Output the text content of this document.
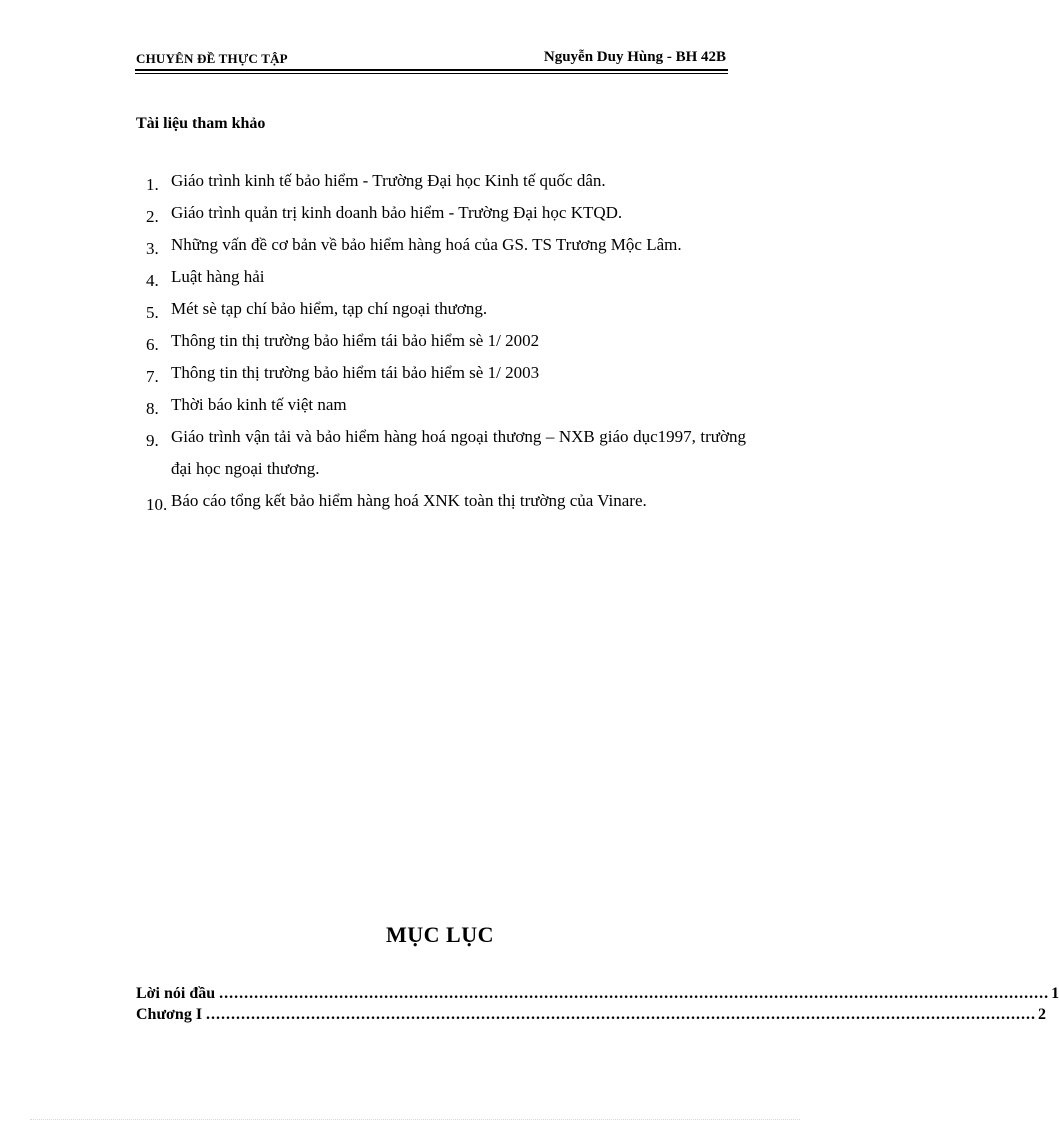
CHUYÊN ĐỀ THỰC TẬP	Nguyễn Duy Hùng - BH 42B
Tài liệu tham khảo
1. Giáo trình kinh tế bảo hiểm - Trường Đại học Kinh tế quốc dân.
2. Giáo trình quản trị kinh doanh bảo hiểm - Trường Đại học KTQD.
3. Những vấn đề cơ bản về bảo hiểm hàng hoá của GS. TS Trương Mộc Lâm.
4. Luật hàng hải
5. Mét sè tạp chí bảo hiểm, tạp chí ngoại thương.
6. Thông tin thị trường bảo hiểm tái bảo hiểm sè 1/ 2002
7. Thông tin thị trường bảo hiểm tái bảo hiểm sè 1/ 2003
8. Thời báo kinh tế việt nam
9. Giáo trình vận tải và bảo hiểm hàng hoá ngoại thương – NXB giáo dục1997, trường đại học ngoại thương.
10. Báo cáo tổng kết bảo hiểm hàng hoá XNK toàn thị trường của Vinare.
MỤC LỤC
Lời nói đầu ...................................................................................................................................................................... 1
Chương I ...................................................................................................................................................................... 2
